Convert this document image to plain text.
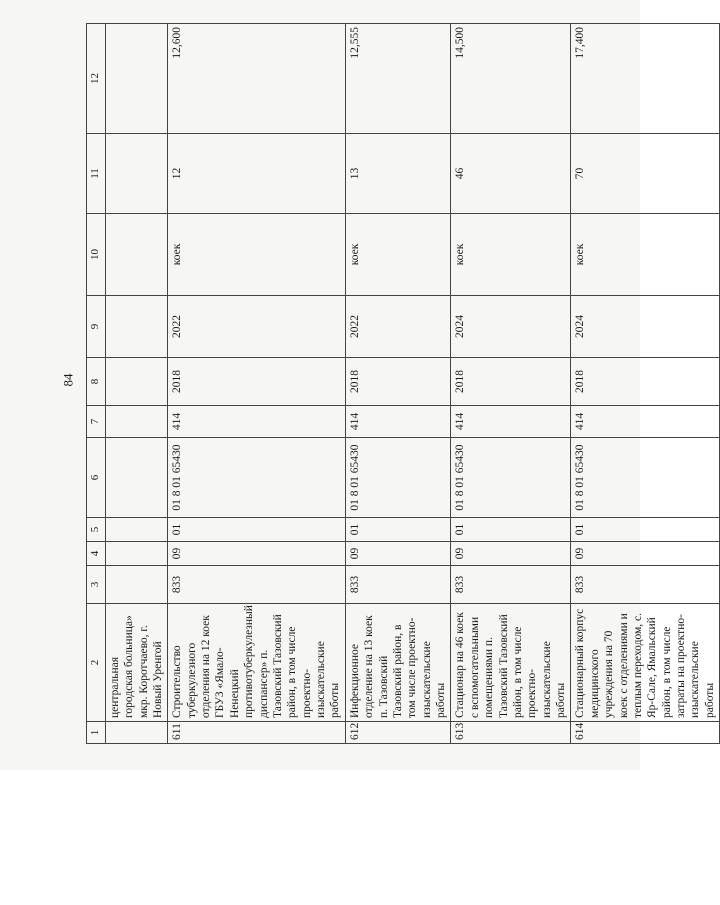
84
1	2	3	4	5	6	7	8	9	10	11	12
	центральная городская больница» мкр. Коротчаево, г. Новый Уренгой										
611	Строительство туберкулезного отделения на 12 коек ГБУЗ «Ямало-Ненецкий противотуберкулезный диспансер» п. Тазовский Тазовский район, в том числе проектно-изыскательские работы	833	09	01	01 8 01 65430	414	2018	2022	коек	12	12,600
612	Инфекционное отделение на 13 коек п. Тазовский Тазовский район, в том числе проектно-изыскательские работы	833	09	01	01 8 01 65430	414	2018	2022	коек	13	12,555
613	Стационар на 46 коек с вспомогательными помещениями п. Тазовский Тазовский район, в том числе проектно-изыскательские работы	833	09	01	01 8 01 65430	414	2018	2024	коек	46	14,500
614	Стационарный корпус медицинского учреждения на 70 коек с отделениями и теплым переходом, с. Яр-Сале, Ямальский район, в том числе затраты на проектно-изыскательские работы	833	09	01	01 8 01 65430	414	2018	2024	коек	70	17,400
